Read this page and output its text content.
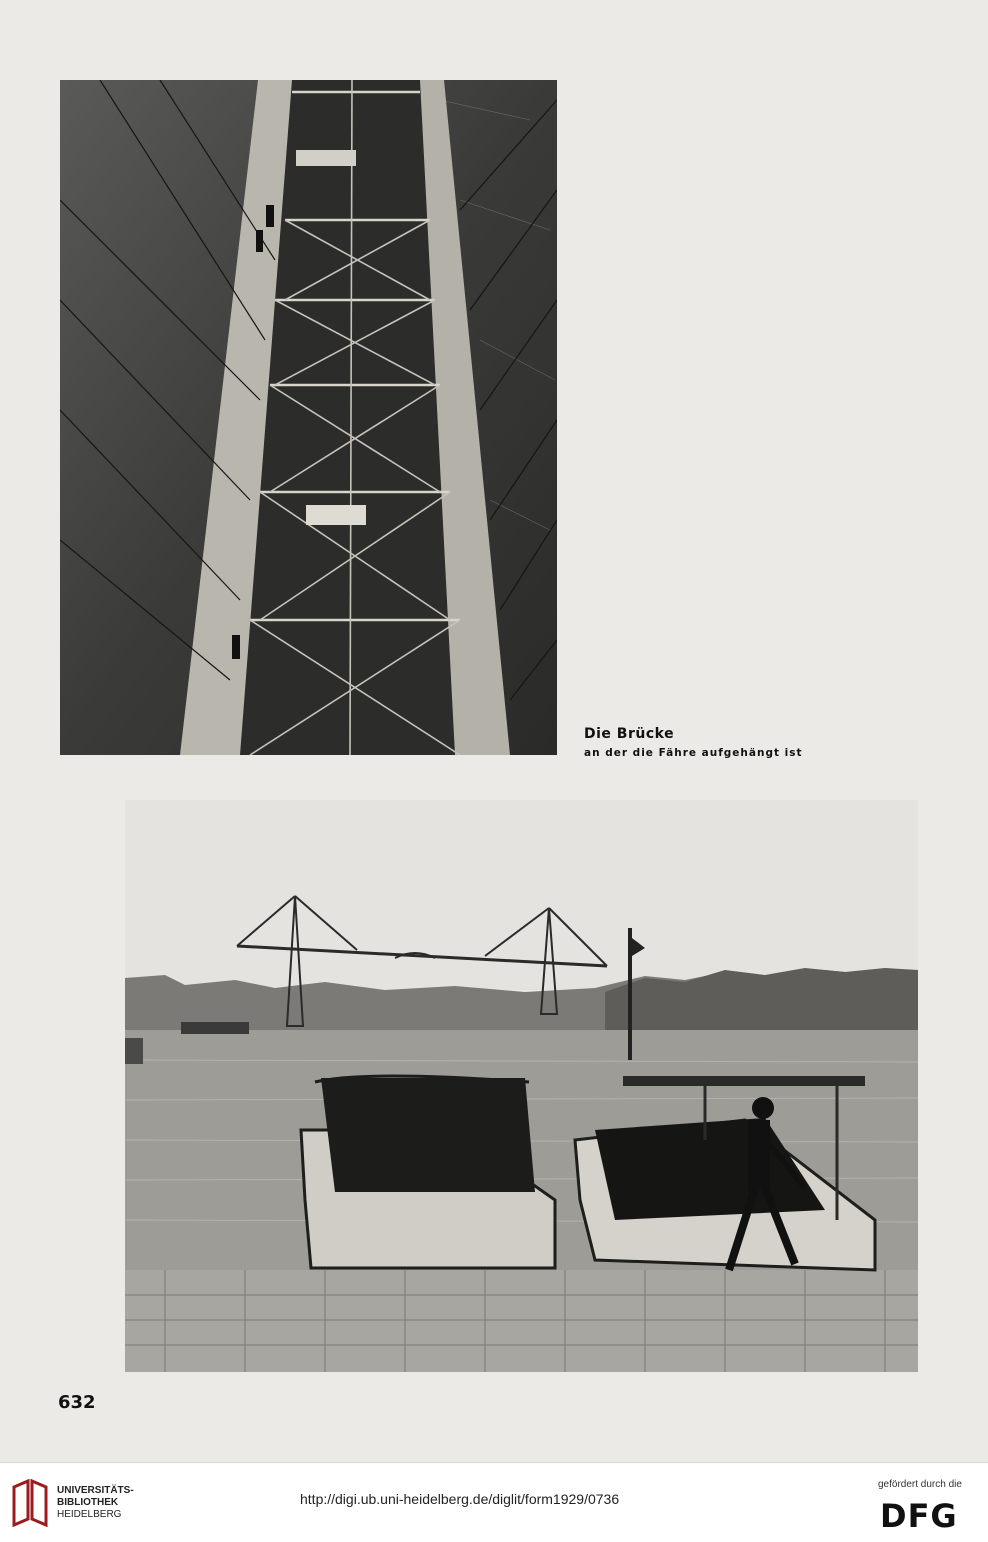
Die Brücke
an der die Fähre aufgehängt ist
632
UNIVERSITÄTS-
BIBLIOTHEK
HEIDELBERG
http://digi.ub.uni-heidelberg.de/diglit/form1929/0736
gefördert durch die
DFG
